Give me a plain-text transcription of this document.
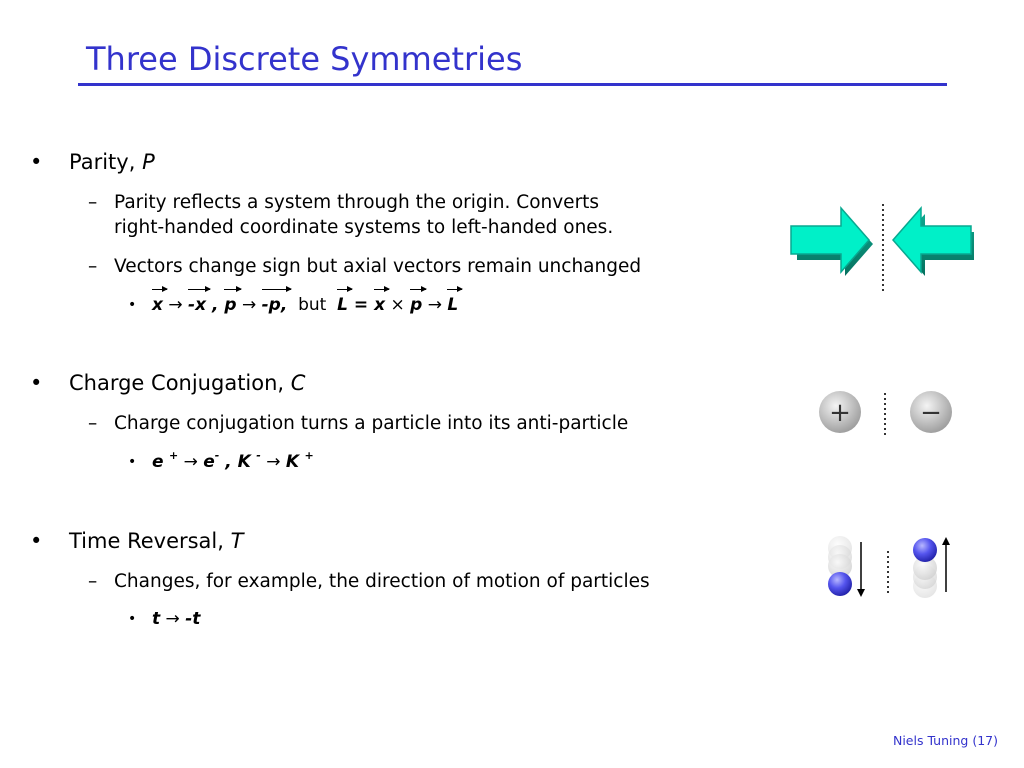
Three Discrete Symmetries
• Parity, P
– Parity reflects a system through the origin. Converts
right-handed coordinate systems to left-handed ones.
– Vectors change sign but axial vectors remain unchanged
• x → -x , p → -p, but L = x × p → L
• Charge Conjugation, C
– Charge conjugation turns a particle into its anti-particle
• e + → e- , K - → K +
• Time Reversal, T
– Changes, for example, the direction of motion of particles
• t → -t
+	−
Niels Tuning (17)
